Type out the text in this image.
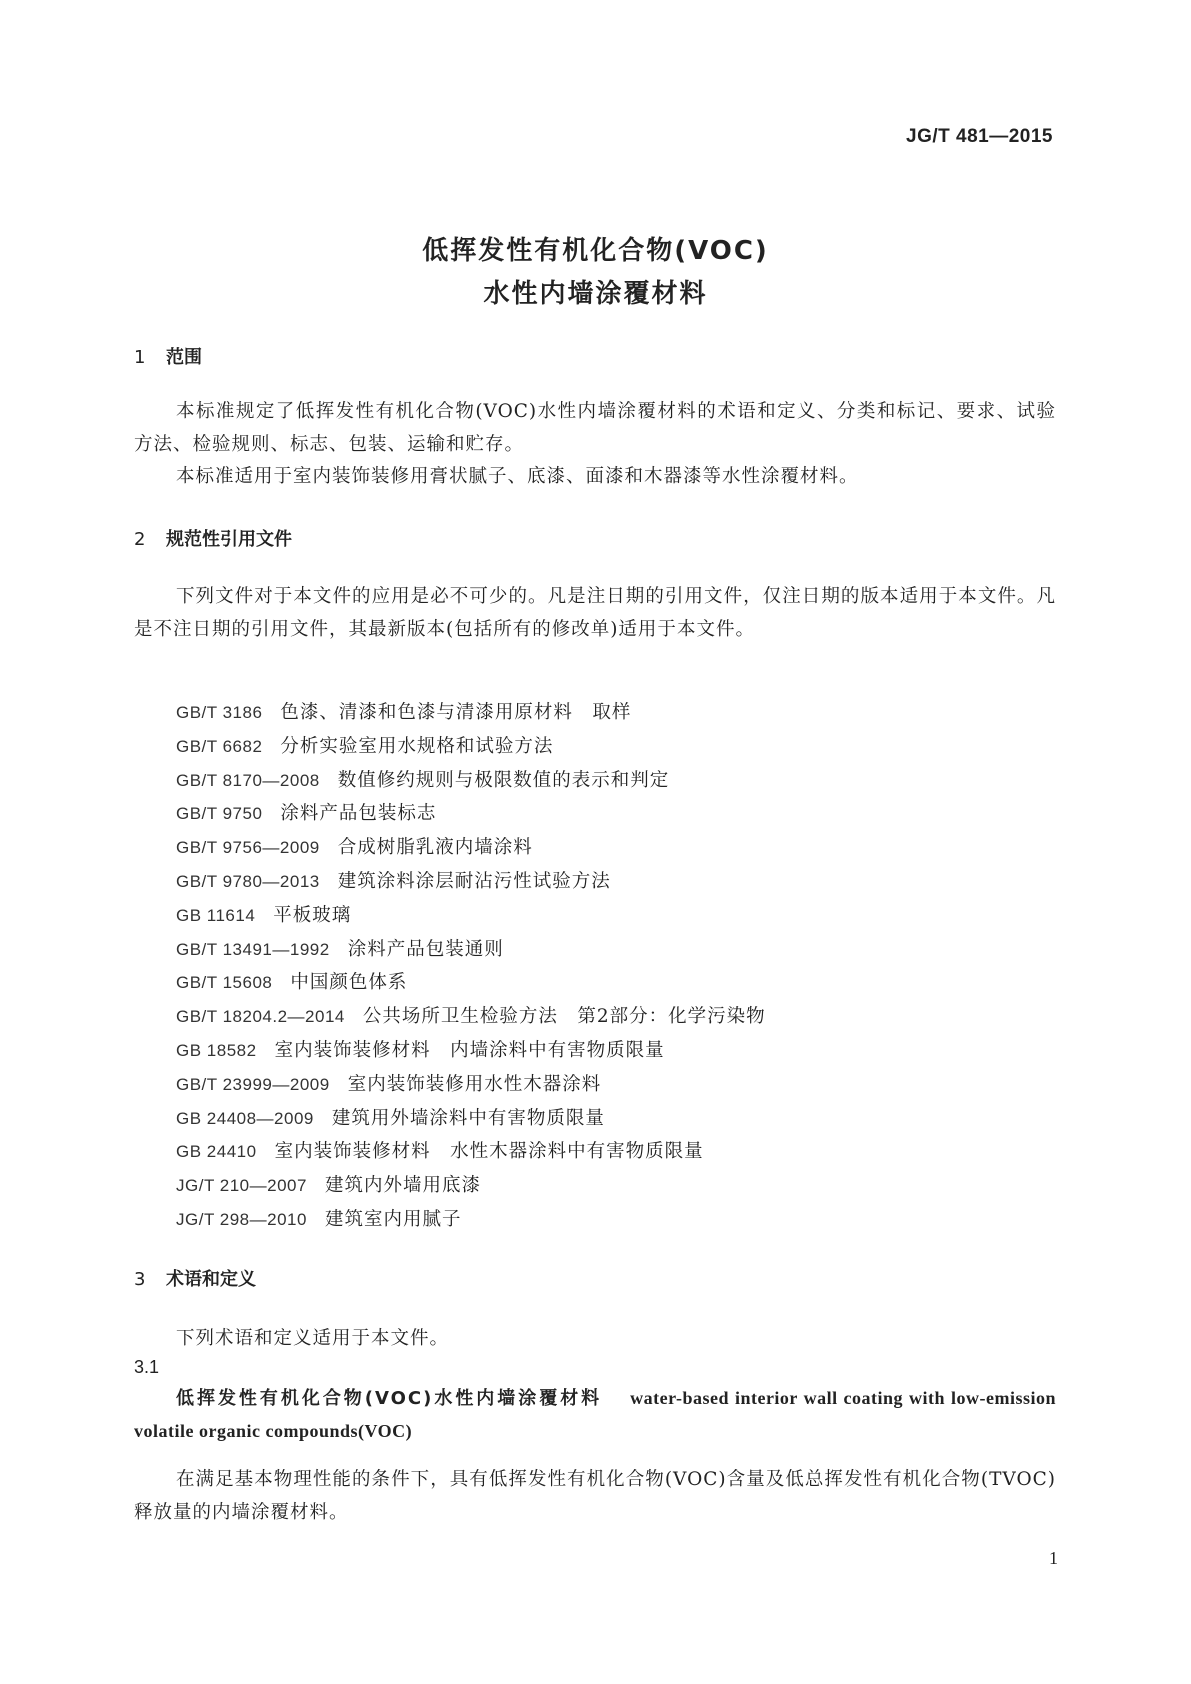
JG/T 481—2015
低挥发性有机化合物(VOC)
水性内墙涂覆材料
1 范围
本标准规定了低挥发性有机化合物(VOC)水性内墙涂覆材料的术语和定义、分类和标记、要求、试验方法、检验规则、标志、包装、运输和贮存。
本标准适用于室内装饰装修用膏状腻子、底漆、面漆和木器漆等水性涂覆材料。
2 规范性引用文件
下列文件对于本文件的应用是必不可少的。凡是注日期的引用文件，仅注日期的版本适用于本文件。凡是不注日期的引用文件，其最新版本(包括所有的修改单)适用于本文件。
GB/T 3186 色漆、清漆和色漆与清漆用原材料　取样
GB/T 6682 分析实验室用水规格和试验方法
GB/T 8170—2008 数值修约规则与极限数值的表示和判定
GB/T 9750 涂料产品包装标志
GB/T 9756—2009 合成树脂乳液内墙涂料
GB/T 9780—2013 建筑涂料涂层耐沾污性试验方法
GB 11614 平板玻璃
GB/T 13491—1992 涂料产品包装通则
GB/T 15608 中国颜色体系
GB/T 18204.2—2014 公共场所卫生检验方法　第2部分：化学污染物
GB 18582 室内装饰装修材料　内墙涂料中有害物质限量
GB/T 23999—2009 室内装饰装修用水性木器涂料
GB 24408—2009 建筑用外墙涂料中有害物质限量
GB 24410 室内装饰装修材料　水性木器涂料中有害物质限量
JG/T 210—2007 建筑内外墙用底漆
JG/T 298—2010 建筑室内用腻子
3 术语和定义
下列术语和定义适用于本文件。
3.1
低挥发性有机化合物(VOC)水性内墙涂覆材料 water-based interior wall coating with low-emission volatile organic compounds(VOC)
在满足基本物理性能的条件下，具有低挥发性有机化合物(VOC)含量及低总挥发性有机化合物(TVOC)释放量的内墙涂覆材料。
1
